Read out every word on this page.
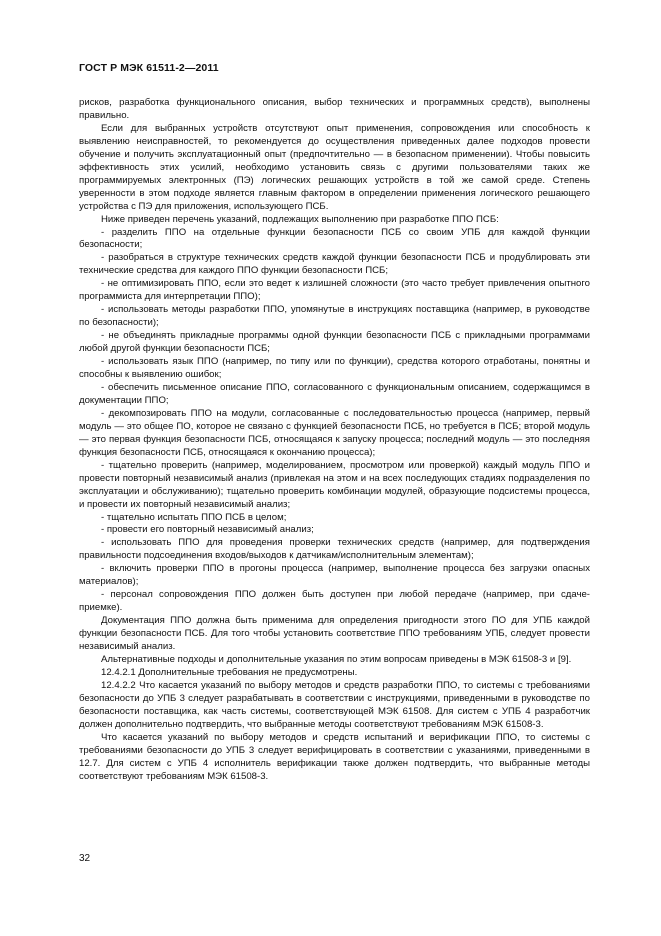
ГОСТ Р МЭК 61511-2—2011

рисков, разработка функционального описания, выбор технических и программных средств), выполнены правильно.

Если для выбранных устройств отсутствуют опыт применения, сопровождения или способность к выявлению неисправностей, то рекомендуется до осуществления приведенных далее подходов провести обучение и получить эксплуатационный опыт (предпочтительно — в безопасном применении). Чтобы повысить эффективность этих усилий, необходимо установить связь с другими пользователями таких же программируемых электронных (ПЭ) логических решающих устройств в той же самой среде. Степень уверенности в этом подходе является главным фактором в определении применения логического решающего устройства с ПЭ для приложения, использующего ПСБ.

Ниже приведен перечень указаний, подлежащих выполнению при разработке ППО ПСБ:

- разделить ППО на отдельные функции безопасности ПСБ со своим УПБ для каждой функции безопасности;

- разобраться в структуре технических средств каждой функции безопасности ПСБ и продублировать эти технические средства для каждого ППО функции безопасности ПСБ;

- не оптимизировать ППО, если это ведет к излишней сложности (это часто требует привлечения опытного программиста для интерпретации ППО);

- использовать методы разработки ППО, упомянутые в инструкциях поставщика (например, в руководстве по безопасности);

- не объединять прикладные программы одной функции безопасности ПСБ с прикладными программами любой другой функции безопасности ПСБ;

- использовать язык ППО (например, по типу или по функции), средства которого отработаны, понятны и способны к выявлению ошибок;

- обеспечить письменное описание ППО, согласованного с функциональным описанием, содержащимся в документации ППО;

- декомпозировать ППО на модули, согласованные с последовательностью процесса (например, первый модуль — это общее ПО, которое не связано с функцией безопасности ПСБ, но требуется в ПСБ; второй модуль — это первая функция безопасности ПСБ, относящаяся к запуску процесса; последний модуль — это последняя функция безопасности ПСБ, относящаяся к окончанию процесса);

- тщательно проверить (например, моделированием, просмотром или проверкой) каждый модуль ППО и провести повторный независимый анализ (привлекая на этом и на всех последующих стадиях подразделения по эксплуатации и обслуживанию); тщательно проверить комбинации модулей, образующие подсистемы процесса, и провести их повторный независимый анализ;

- тщательно испытать ППО ПСБ в целом;

- провести его повторный независимый анализ;

- использовать ППО для проведения проверки технических средств (например, для подтверждения правильности подсоединения входов/выходов к датчикам/исполнительным элементам);

- включить проверки ППО в прогоны процесса (например, выполнение процесса без загрузки опасных материалов);

- персонал сопровождения ППО должен быть доступен при любой передаче (например, при сдаче-приемке).

Документация ППО должна быть применима для определения пригодности этого ПО для УПБ каждой функции безопасности ПСБ. Для того чтобы установить соответствие ППО требованиям УПБ, следует провести независимый анализ.

Альтернативные подходы и дополнительные указания по этим вопросам приведены в МЭК 61508-3 и [9].

12.4.2.1 Дополнительные требования не предусмотрены.

12.4.2.2 Что касается указаний по выбору методов и средств разработки ППО, то системы с требованиями безопасности до УПБ 3 следует разрабатывать в соответствии с инструкциями, приведенными в руководстве по безопасности поставщика, как часть системы, соответствующей МЭК 61508. Для систем с УПБ 4 разработчик должен дополнительно подтвердить, что выбранные методы соответствуют требованиям МЭК 61508-3.

Что касается указаний по выбору методов и средств испытаний и верификации ППО, то системы с требованиями безопасности до УПБ 3 следует верифицировать в соответствии с указаниями, приведенными в 12.7. Для систем с УПБ 4 исполнитель верификации также должен подтвердить, что выбранные методы соответствуют требованиям МЭК 61508-3.

32
